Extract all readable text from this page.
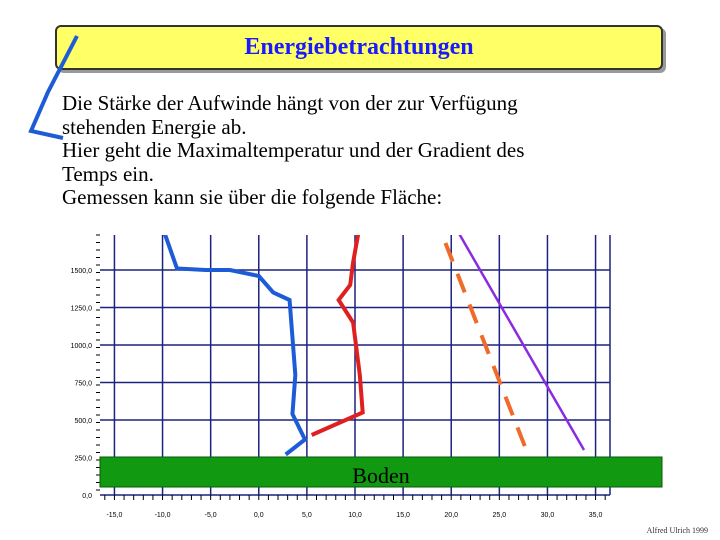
Energiebetrachtungen
0,0
250,0
500,0
750,0
1000,0
1250,0
1500,0
-15,0	-10,0	-5,0	0,0	5,0	10,0	15,0	20,0	25,0	30,0	35,0
Boden
Die Stärke der Aufwinde hängt von der zur Verfügung
stehenden Energie ab.
Hier geht die Maximaltemperatur und der Gradient des
Temps ein.
Gemessen kann sie über die folgende Fläche:
Alfred Ulrich 1999
